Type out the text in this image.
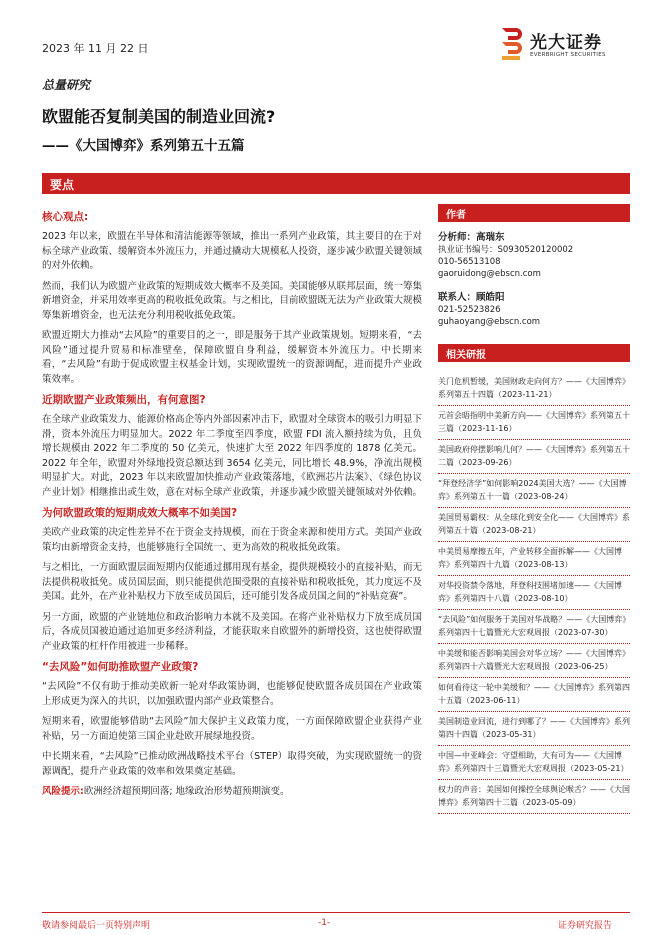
2023 年 11 月 22 日	光大证券
EVERBRIGHT SECURITIES
总量研究
欧盟能否复制美国的制造业回流?
——《大国博弈》系列第五十五篇
要点
核心观点:

2023 年以来，欧盟在半导体和清洁能源等领域，推出一系列产业政策，其主要目的在于对标全球产业政策、缓解资本外流压力，并通过撬动大规模私人投资，逐步减少欧盟关键领域的对外依赖。

然而，我们认为欧盟产业政策的短期成效大概率不及美国。美国能够从联邦层面，统一筹集新增资金，并采用效率更高的税收抵免政策。与之相比，目前欧盟既无法为产业政策大规模筹集新增资金，也无法充分利用税收抵免政策。

欧盟近期大力推动“去风险”的重要目的之一，即是服务于其产业政策规划。短期来看，“去风险”通过提升贸易和标准壁垒，保障欧盟自身利益，缓解资本外流压力。中长期来看，“去风险”有助于促成欧盟主权基金计划，实现欧盟统一的资源调配，进而提升产业政策效率。

近期欧盟产业政策频出，有何意图?

在全球产业政策发力、能源价格高企等内外部因素冲击下，欧盟对全球资本的吸引力明显下滑，资本外流压力明显加大。2022 年二季度至四季度，欧盟 FDI 流入额持续为负，且负增长规模由 2022 年二季度的 50 亿美元，快速扩大至 2022 年四季度的 1878 亿美元。2022 年全年，欧盟对外绿地投资总额达到 3654 亿美元，同比增长 48.9%，净流出规模明显扩大。对此，2023 年以来欧盟加快推动产业政策落地，《欧洲芯片法案》、《绿色协议产业计划》相继推出或生效，意在对标全球产业政策，并逐步减少欧盟关键领域对外依赖。

为何欧盟政策的短期成效大概率不如美国?

美欧产业政策的决定性差异不在于资金支持规模，而在于资金来源和使用方式。美国产业政策均由新增资金支持，也能够施行全国统一、更为高效的税收抵免政策。

与之相比，一方面欧盟层面短期内仅能通过挪用现有基金，提供规模较小的直接补贴，而无法提供税收抵免。成员国层面，则只能提供范围受限的直接补贴和税收抵免，其力度远不及美国。此外，在产业补贴权力下放至成员国后，还可能引发各成员国之间的“补贴竞赛”。

另一方面，欧盟的产业链地位和政治影响力本就不及美国。在将产业补贴权力下放至成员国后，各成员国被迫通过追加更多经济利益，才能获取来自欧盟外的新增投资，这也使得欧盟产业政策的杠杆作用被进一步稀释。

“去风险”如何助推欧盟产业政策?

“去风险”不仅有助于推动美欧新一轮对华政策协调，也能够促使欧盟各成员国在产业政策上形成更为深入的共识，以加强欧盟内部产业政策整合。

短期来看，欧盟能够借助“去风险”加大保护主义政策力度，一方面保障欧盟企业获得产业补贴，另一方面迫使第三国企业赴欧开展绿地投资。

中长期来看，“去风险”已推动欧洲战略技术平台（STEP）取得突破，为实现欧盟统一的资源调配，提升产业政策的效率和效果奠定基础。

风险提示:欧洲经济超预期回落; 地缘政治形势超预期演变。

作者
分析师：高瑞东
执业证书编号：S0930520120002
010-56513108
gaoruidong@ebscn.com
联系人：顾皓阳
021-52523826
guhaoyang@ebscn.com
相关研报
关门危机暂缓，美国财政走向何方？——《大国博弈》系列第五十四篇（2023-11-21）
元首会晤指明中美新方向——《大国博弈》系列第五十三篇（2023-11-16）
美国政府停摆影响几何？——《大国博弈》系列第五十二篇（2023-09-26）
“拜登经济学”如何影响2024美国大选？——《大国博弈》系列第五十一篇（2023-08-24）
美国贸易霸权：从全球化到安全化——《大国博弈》系列第五十篇（2023-08-21）
中美贸易摩擦五年，产业转移全面拆解——《大国博弈》系列第四十九篇（2023-08-13）
对华投资禁令落地，拜登科技围堵加速——《大国博弈》系列第四十八篇（2023-08-10）
“去风险”如何服务于美国对华战略？——《大国博弈》系列第四十七篇暨光大宏观周报（2023-07-30）
中美缓和能否影响美国会对华立场？——《大国博弈》系列第四十六篇暨光大宏观周报（2023-06-25）
如何看待这一轮中美缓和？——《大国博弈》系列第四十五篇（2023-06-11）
美国制造业回流，进行到哪了？——《大国博弈》系列第四十四篇（2023-05-31）
中国—中亚峰会：守望相助，大有可为——《大国博弈》系列第四十三篇暨光大宏观周报（2023-05-21）
权力的声音：美国如何操控全球舆论喉舌？——《大国博弈》系列第四十二篇（2023-05-09）
敬请参阅最后一页特别声明	-1-	证券研究报告
